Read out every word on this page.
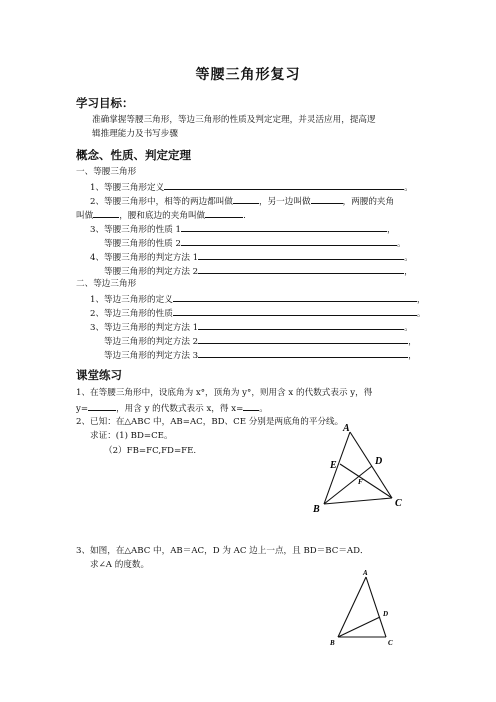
等腰三角形复习
学习目标：
准确掌握等腰三角形，等边三角形的性质及判定定理，并灵活应用，提高逻
辑推理能力及书写步骤
概念、性质、判定定理
一、等腰三角形
1、等腰三角形定义	。
2、等腰三角形中，相等的两边都叫做	，另一边叫做	，两腰的夹角
叫做	，腰和底边的夹角叫做	.
3、等腰三角形的性质 1	，
等腰三角形的性质 2	。
4、等腰三角形的判定方法 1	。
等腰三角形的判定方法 2	，
二、等边三角形
1、等边三角形的定义	，
2、等边三角形的性质	。
3、等边三角形的判定方法 1	。
等边三角形的判定方法 2	，
等边三角形的判定方法 3	，
课堂练习
1、在等腰三角形中，设底角为 x°，顶角为 y°，则用含 x 的代数式表示 y，得
y=	，用含 y 的代数式表示 x，得 x= 。
2、已知：在△ABC 中，AB=AC，BD、CE 分别是两底角的平分线。
求证：(1) BD=CE。
（2）FB=FC,FD=FE.
A
B
C
D
E
F
3、如图，在△ABC 中，AB＝AC，D 为 AC 边上一点，且 BD＝BC＝AD．
求∠A 的度数。
A
B	C
D
